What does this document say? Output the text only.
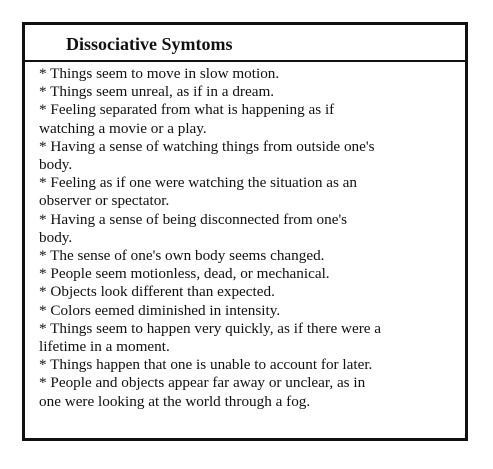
Dissociative Symtoms
* Things seem to move in slow motion.
* Things seem unreal, as if in a dream.
* Feeling separated from what is happening as if
watching a movie or a play.
* Having a sense of watching things from outside one's
body.
* Feeling as if one were watching the situation as an
observer or spectator.
* Having a sense of being disconnected from one's
body.
* The sense of one's own body seems changed.
* People seem motionless, dead, or mechanical.
* Objects look different than expected.
* Colors eemed diminished in intensity.
* Things seem to happen very quickly, as if there were a
lifetime in a moment.
* Things happen that one is unable to account for later.
* People and objects appear far away or unclear, as in
one were looking at the world through a fog.
